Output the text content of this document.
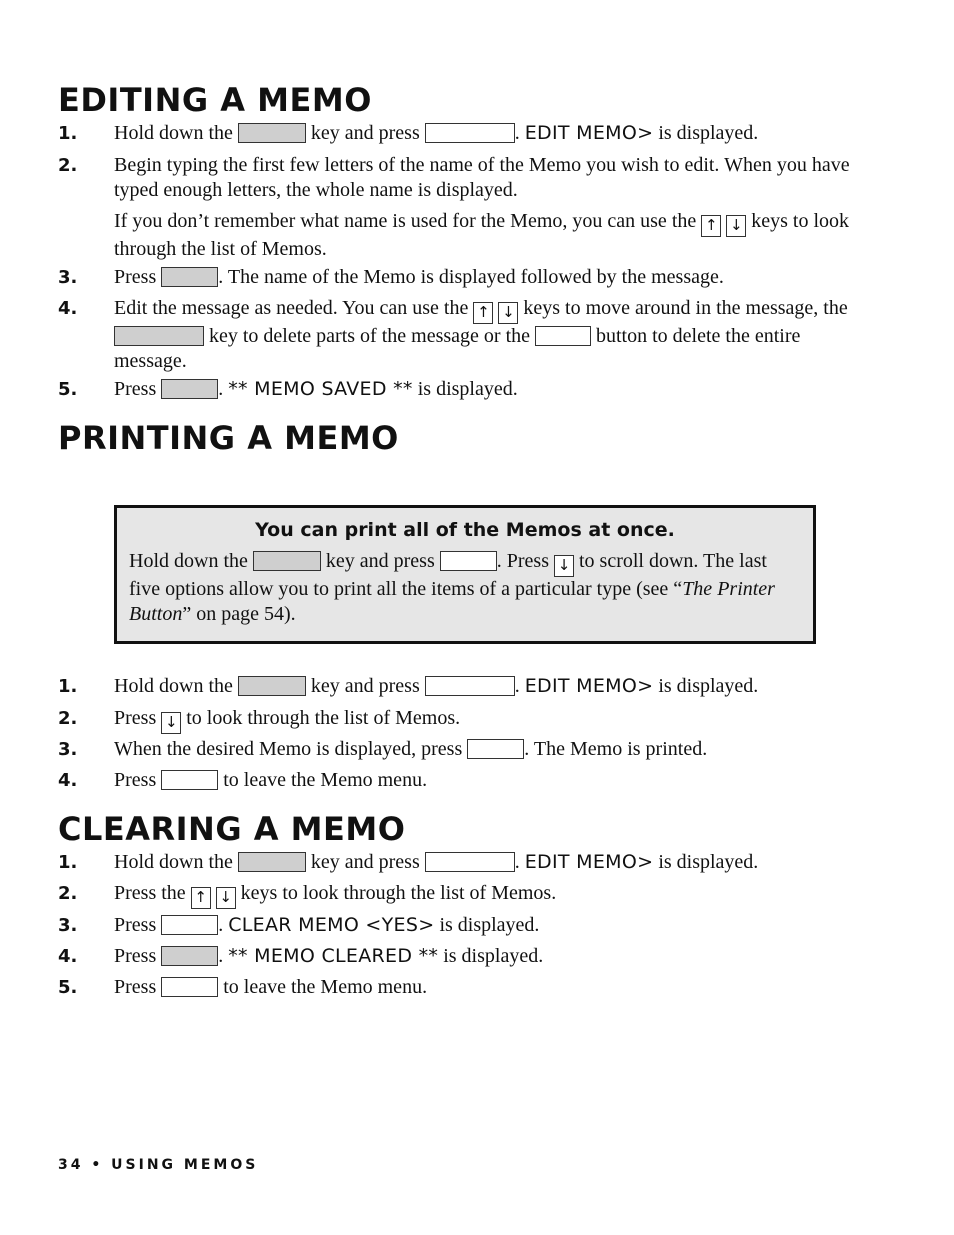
EDITING A MEMO
1. Hold down the	key and press	. EDIT MEMO> is displayed.
2. Begin typing the first few letters of the name of the Memo you wish to edit. When you have typed enough letters, the whole name is displayed.
If you don’t remember what name is used for the Memo, you can use the ↑ ↓ keys to look through the list of Memos.
3. Press	. The name of the Memo is displayed followed by the message.
4. Edit the message as needed. You can use the ↑ ↓ keys to move around in the message, the  key to delete parts of the message or the	button to delete the entire message.
5. Press	. ** MEMO SAVED ** is displayed.
PRINTING A MEMO
You can print all of the Memos at once.
Hold down the	key and press	. Press ↓ to scroll down. The last five options allow you to print all the items of a particular type (see “The Printer Button” on page 54).
1. Hold down the	key and press	. EDIT MEMO> is displayed.
2. Press ↓ to look through the list of Memos.
3. When the desired Memo is displayed, press	. The Memo is printed.
4. Press	to leave the Memo menu.
CLEARING A MEMO
1. Hold down the	key and press	. EDIT MEMO> is displayed.
2. Press the ↑ ↓ keys to look through the list of Memos.
3. Press	. CLEAR MEMO <YES> is displayed.
4. Press	. ** MEMO CLEARED ** is displayed.
5. Press	to leave the Memo menu.
34 • USING MEMOS
